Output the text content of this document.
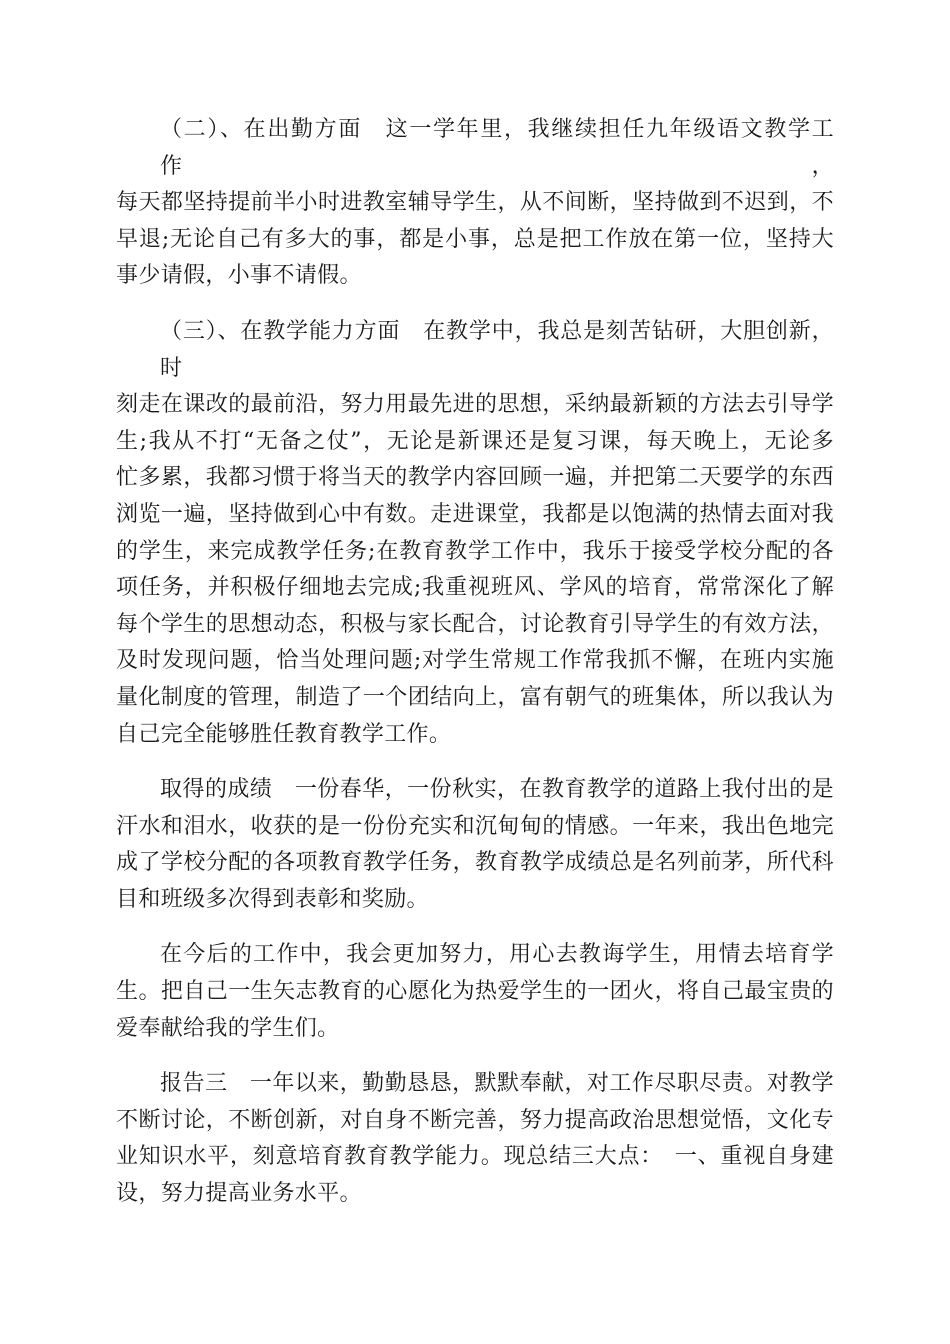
（二）、在出勤方面　这一学年里，我继续担任九年级语文教学工作，
每天都坚持提前半小时进教室辅导学生，从不间断，坚持做到不迟到，不
早退;无论自己有多大的事，都是小事，总是把工作放在第一位，坚持大
事少请假，小事不请假。

（三）、在教学能力方面　在教学中，我总是刻苦钻研，大胆创新，时
刻走在课改的最前沿，努力用最先进的思想，采纳最新颖的方法去引导学
生;我从不打“无备之仗”，无论是新课还是复习课，每天晚上，无论多
忙多累，我都习惯于将当天的教学内容回顾一遍，并把第二天要学的东西
浏览一遍，坚持做到心中有数。走进课堂，我都是以饱满的热情去面对我
的学生，来完成教学任务;在教育教学工作中，我乐于接受学校分配的各
项任务，并积极仔细地去完成;我重视班风、学风的培育，常常深化了解
每个学生的思想动态，积极与家长配合，讨论教育引导学生的有效方法，
及时发现问题，恰当处理问题;对学生常规工作常我抓不懈，在班内实施
量化制度的管理，制造了一个团结向上，富有朝气的班集体，所以我认为
自己完全能够胜任教育教学工作。

取得的成绩　一份春华，一份秋实，在教育教学的道路上我付出的是
汗水和泪水，收获的是一份份充实和沉甸甸的情感。一年来，我出色地完
成了学校分配的各项教育教学任务，教育教学成绩总是名列前茅，所代科
目和班级多次得到表彰和奖励。

在今后的工作中，我会更加努力，用心去教诲学生，用情去培育学
生。把自己一生矢志教育的心愿化为热爱学生的一团火，将自己最宝贵的
爱奉献给我的学生们。

报告三　一年以来，勤勤恳恳，默默奉献，对工作尽职尽责。对教学
不断讨论，不断创新，对自身不断完善，努力提高政治思想觉悟，文化专
业知识水平，刻意培育教育教学能力。现总结三大点：　一、重视自身建
设，努力提高业务水平。
